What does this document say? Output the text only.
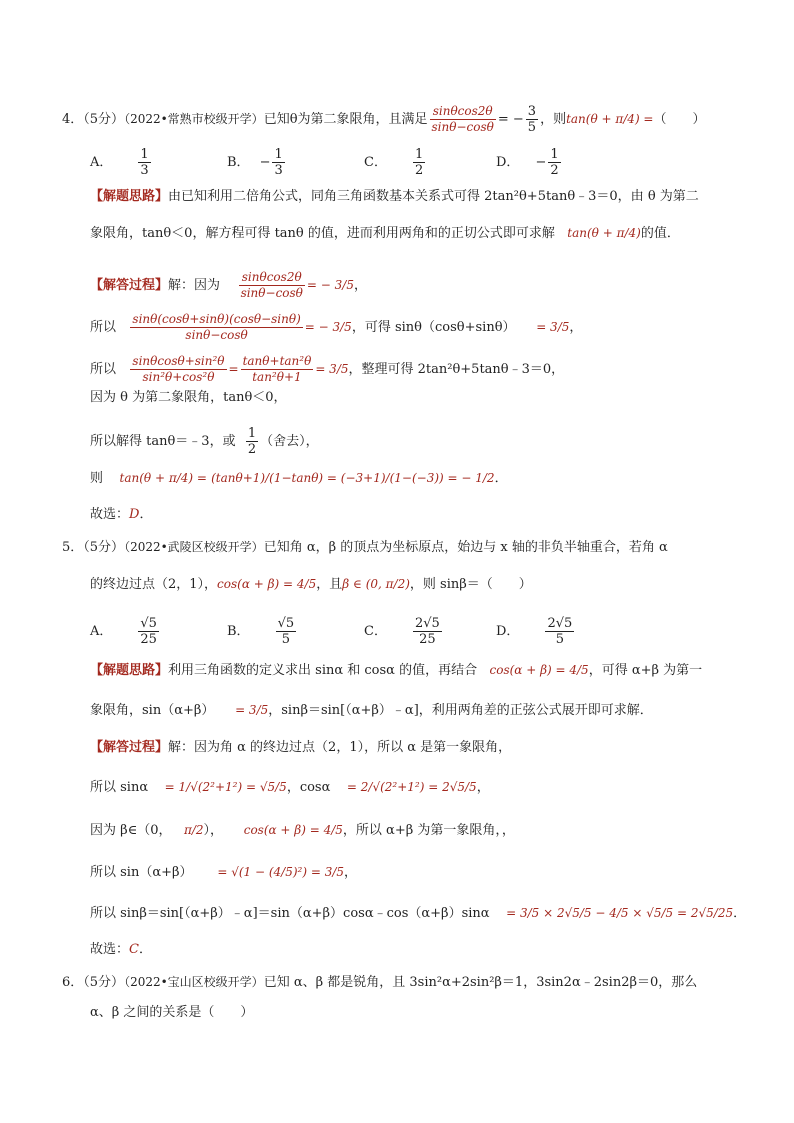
4．（5分）（2022•常熟市校级开学）已知θ为第二象限角，且满足 $\frac{\sin\theta\cos 2\theta}{\sin\theta-\cos\theta}$ = − $\frac{3}{5}$ ，则tan(θ + π/4) =（　　）
A． $\frac{1}{3}$	B． − $\frac{1}{3}$	C． $\frac{1}{2}$	D． − $\frac{1}{2}$
【解题思路】由已知利用二倍角公式，同角三角函数基本关系式可得 2tan²θ+5tanθ﹣3＝0，由 θ 为第二
象限角，tanθ＜0，解方程可得 tanθ 的值，进而利用两角和的正切公式即可求解 tan(θ + π/4)的值．
【解答过程】解：因为 $\frac{\sin\theta\cos 2\theta}{\sin\theta-\cos\theta}$ = − 3/5，
所以 $\frac{\sin\theta(\cos\theta+\sin\theta)(\cos\theta-\sin\theta)}{\sin\theta-\cos\theta}$ = − 3/5，可得 sinθ（cosθ+sinθ） = 3/5，
所以 $\frac{\text{sinθcosθ+sin²θ}}{\text{sin²θ+cos²θ}} = \frac{\text{tanθ+tan²θ}}{\text{tan²θ+1}} = 3/5$，整理可得 2tan²θ+5tanθ﹣3＝0，
因为 θ 为第二象限角，tanθ＜0，
所以解得 tanθ＝﹣3，或 $\frac{1}{2}$ （舍去），
则 tan(θ + π/4) = (tanθ+1)/(1−tanθ) = (−3+1)/(1−(−3)) = − 1/2．
故选：D．
5．（5分）（2022•武陵区校级开学）已知角 α，β 的顶点为坐标原点，始边与 x 轴的非负半轴重合，若角 α
的终边过点（2，1），cos(α + β) = 4/5，且β ∈ (0, π/2)，则 sinβ＝（　　）
A． $\frac{√5}{25}$	B． $\frac{√5}{5}$	C． $\frac{2√5}{25}$	D． $\frac{2√5}{5}$
【解题思路】利用三角函数的定义求出 sinα 和 cosα 的值，再结合 cos(α + β) = 4/5，可得 α+β 为第一
象限角，sin（α+β） = 3/5，sinβ＝sin[（α+β）﹣α]，利用两角差的正弦公式展开即可求解．
【解答过程】解：因为角 α 的终边过点（2，1），所以 α 是第一象限角，
所以 sinα = 1/√(2²+1²) = √5/5，cosα = 2/√(2²+1²) = 2√5/5，
因为 β∈（0， π/2）， cos(α + β) = 4/5，所以 α+β 为第一象限角，，
所以 sin（α+β） = √(1 − (4/5)²) = 3/5，
所以 sinβ＝sin[（α+β）﹣α]＝sin（α+β）cosα﹣cos（α+β）sinα = 3/5 × 2√5/5 − 4/5 × √5/5 = 2√5/25．
故选：C．
6．（5分）（2022•宝山区校级开学）已知 α、β 都是锐角，且 3sin²α+2sin²β＝1，3sin2α﹣2sin2β＝0，那么
α、β 之间的关系是（　　）
